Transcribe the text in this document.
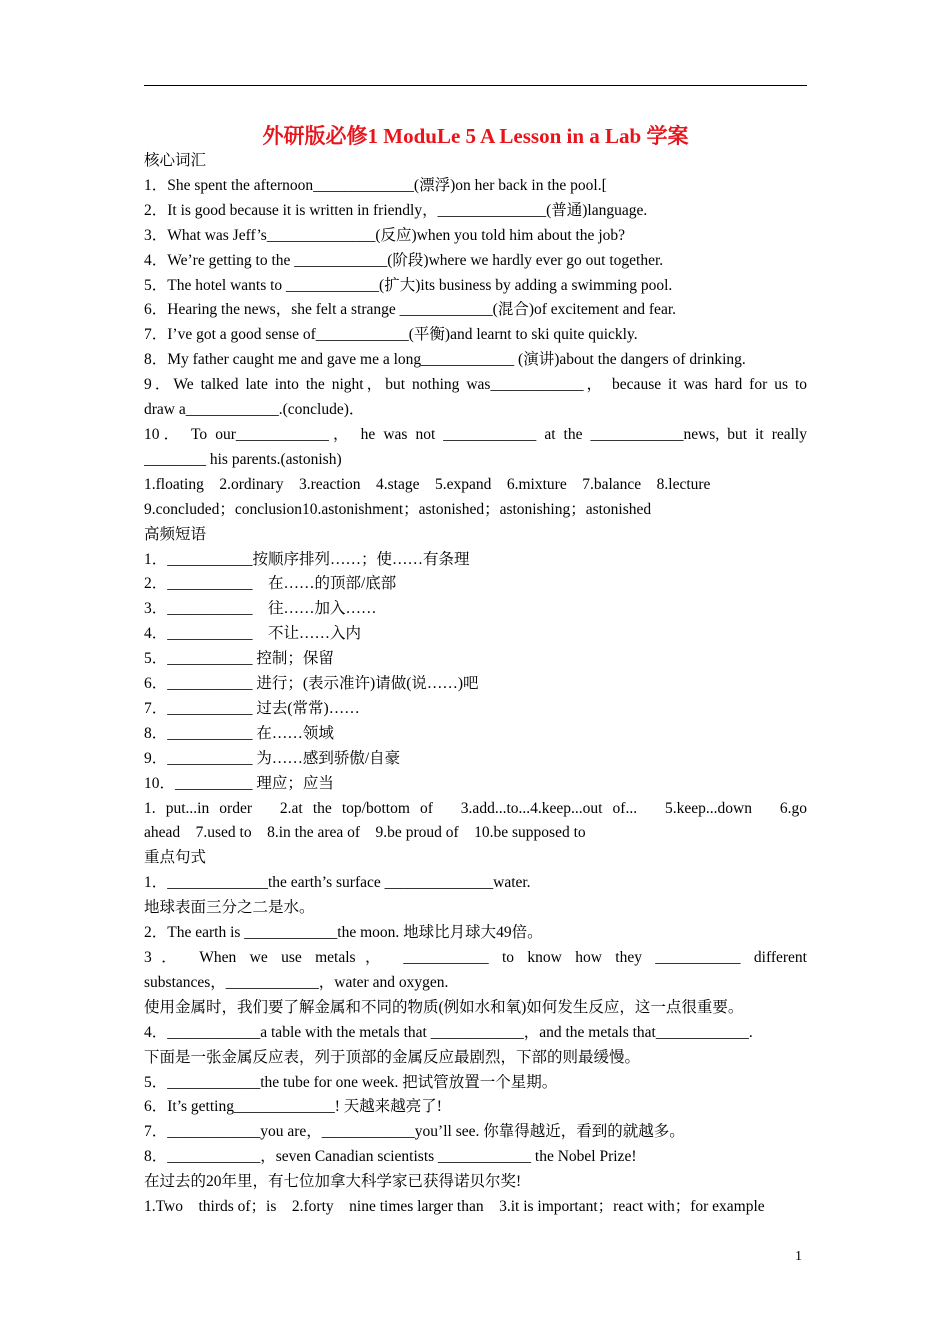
外研版必修1 ModuLe 5 A Lesson in a Lab 学案
核心词汇
1．She spent the afternoon_____________(漂浮)on her back in the pool.[
2．It is good because it is written in friendly，______________(普通)language.
3．What was Jeff’s______________(反应)when you told him about the job?
4．We’re getting to the ____________(阶段)where we hardly ever go out together.
5．The hotel wants to ____________(扩大)its business by adding a swimming pool.
6．Hearing the news，she felt a strange ____________(混合)of excitement and fear.
7．I’ve got a good sense of____________(平衡)and learnt to ski quite quickly.
8．My father caught me and gave me a long____________ (演讲)about the dangers of drinking.
9．We talked late into the night，but nothing was____________， because it was hard for us to
draw a____________.(conclude)．
10． To our____________， he was not ____________ at the ____________news, but it really
________ his parents.(astonish)
1.floating　2.ordinary　3.reaction　4.stage　5.expand　6.mixture　7.balance　8.lecture
9.concluded；conclusion10.astonishment；astonished；astonishing；astonished
高频短语
1．___________按顺序排列……；使……有条理
2．___________　在……的顶部/底部
3．___________　往……加入……
4．___________　不让……入内
5．___________ 控制；保留
6．___________ 进行；(表示准许)请做(说……)吧
7．___________ 过去(常常)……
8．___________ 在……领域
9．___________ 为……感到骄傲/自豪
10．__________ 理应；应当
1. put...in order　2.at the top/bottom of　3.add...to...4.keep...out of...　5.keep...down　6.go
ahead　7.used to　8.in the area of　9.be proud of　10.be supposed to
重点句式
1．_____________the earth’s surface ______________water.
地球表面三分之二是水。
2．The earth is ____________the moon. 地球比月球大49倍。
3． When we use metals， ___________ to know how they ___________ different
substances，____________，water and oxygen.
使用金属时，我们要了解金属和不同的物质(例如水和氧)如何发生反应，这一点很重要。
4．____________a table with the metals that ____________，and the metals that____________.
下面是一张金属反应表，列于顶部的金属反应最剧烈，下部的则最缓慢。
5．____________the tube for one week. 把试管放置一个星期。
6．It’s getting_____________! 天越来越亮了!
7．____________you are，____________you’ll see. 你靠得越近，看到的就越多。
8．____________，seven Canadian scientists ____________ the Nobel Prize!
在过去的20年里，有七位加拿大科学家已获得诺贝尔奖!
1.Two　thirds of；is　2.forty　nine times larger than　3.it is important；react with；for example
1
